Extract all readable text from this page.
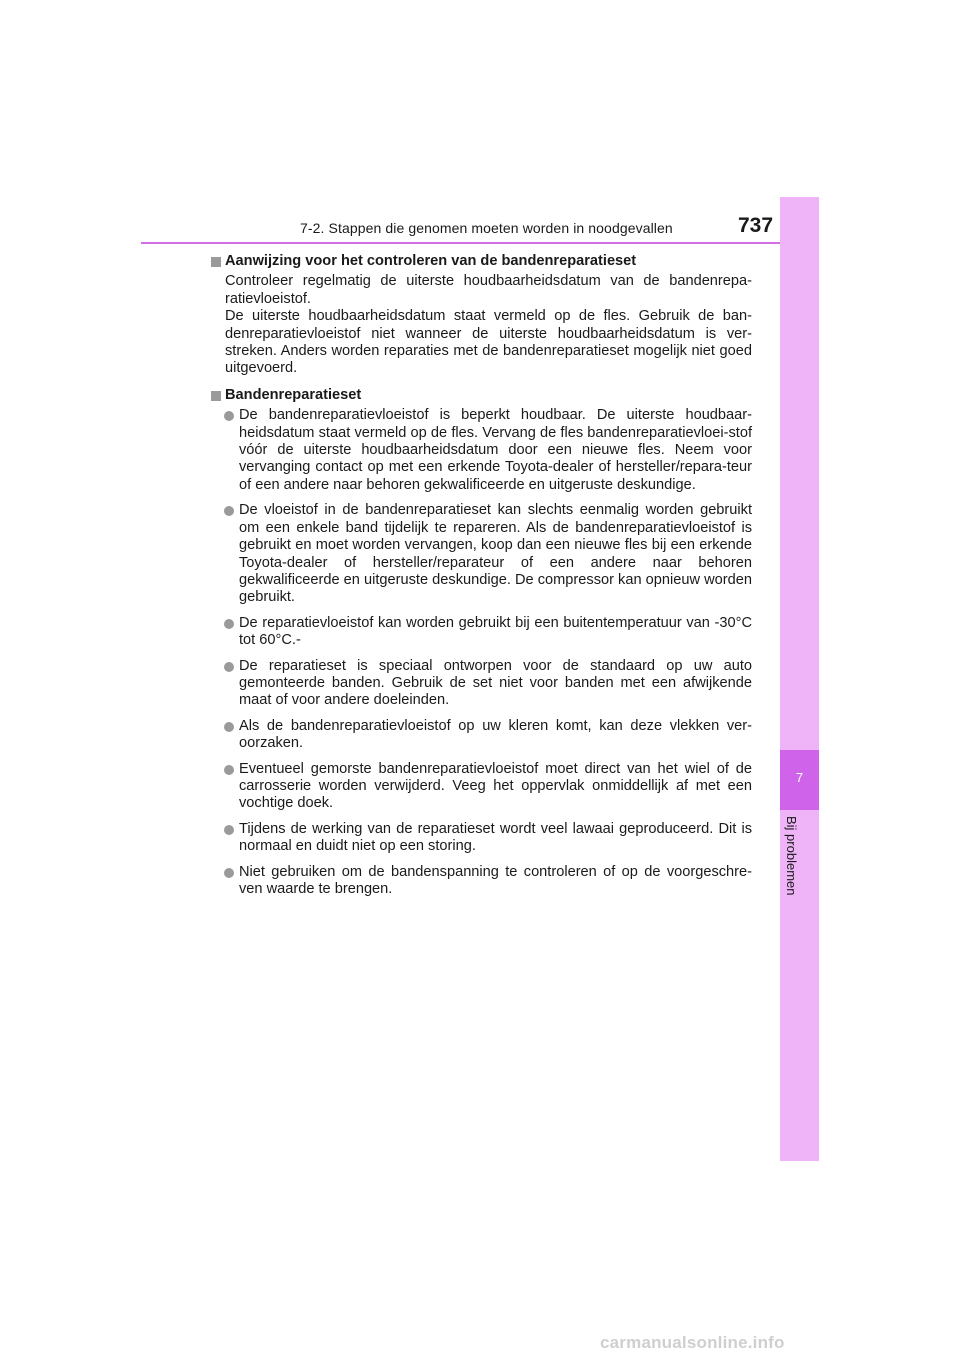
7-2. Stappen die genomen moeten worden in noodgevallen	737
7
Bij problemen
Aanwijzing voor het controleren van de bandenreparatieset
Controleer regelmatig de uiterste houdbaarheidsdatum van de bandenrepa-ratievloeistof.
De uiterste houdbaarheidsdatum staat vermeld op de fles. Gebruik de ban-denreparatievloeistof niet wanneer de uiterste houdbaarheidsdatum is ver-streken. Anders worden reparaties met de bandenreparatieset mogelijk niet goed uitgevoerd.
Bandenreparatieset
De bandenreparatievloeistof is beperkt houdbaar. De uiterste houdbaar-heidsdatum staat vermeld op de fles. Vervang de fles bandenreparatievloei-stof vóór de uiterste houdbaarheidsdatum door een nieuwe fles. Neem voor vervanging contact op met een erkende Toyota-dealer of hersteller/repara-teur of een andere naar behoren gekwalificeerde en uitgeruste deskundige.
De vloeistof in de bandenreparatieset kan slechts eenmalig worden gebruikt om een enkele band tijdelijk te repareren. Als de bandenreparatievloeistof is gebruikt en moet worden vervangen, koop dan een nieuwe fles bij een erkende Toyota-dealer of hersteller/reparateur of een andere naar behoren gekwalificeerde en uitgeruste deskundige. De compressor kan opnieuw worden gebruikt.
De reparatievloeistof kan worden gebruikt bij een buitentemperatuur van -30°C tot 60°C.-
De reparatieset is speciaal ontworpen voor de standaard op uw auto gemonteerde banden. Gebruik de set niet voor banden met een afwijkende maat of voor andere doeleinden.
Als de bandenreparatievloeistof op uw kleren komt, kan deze vlekken ver-oorzaken.
Eventueel gemorste bandenreparatievloeistof moet direct van het wiel of de carrosserie worden verwijderd. Veeg het oppervlak onmiddellijk af met een vochtige doek.
Tijdens de werking van de reparatieset wordt veel lawaai geproduceerd. Dit is normaal en duidt niet op een storing.
Niet gebruiken om de bandenspanning te controleren of op de voorgeschre-ven waarde te brengen.
carmanualsonline.info
